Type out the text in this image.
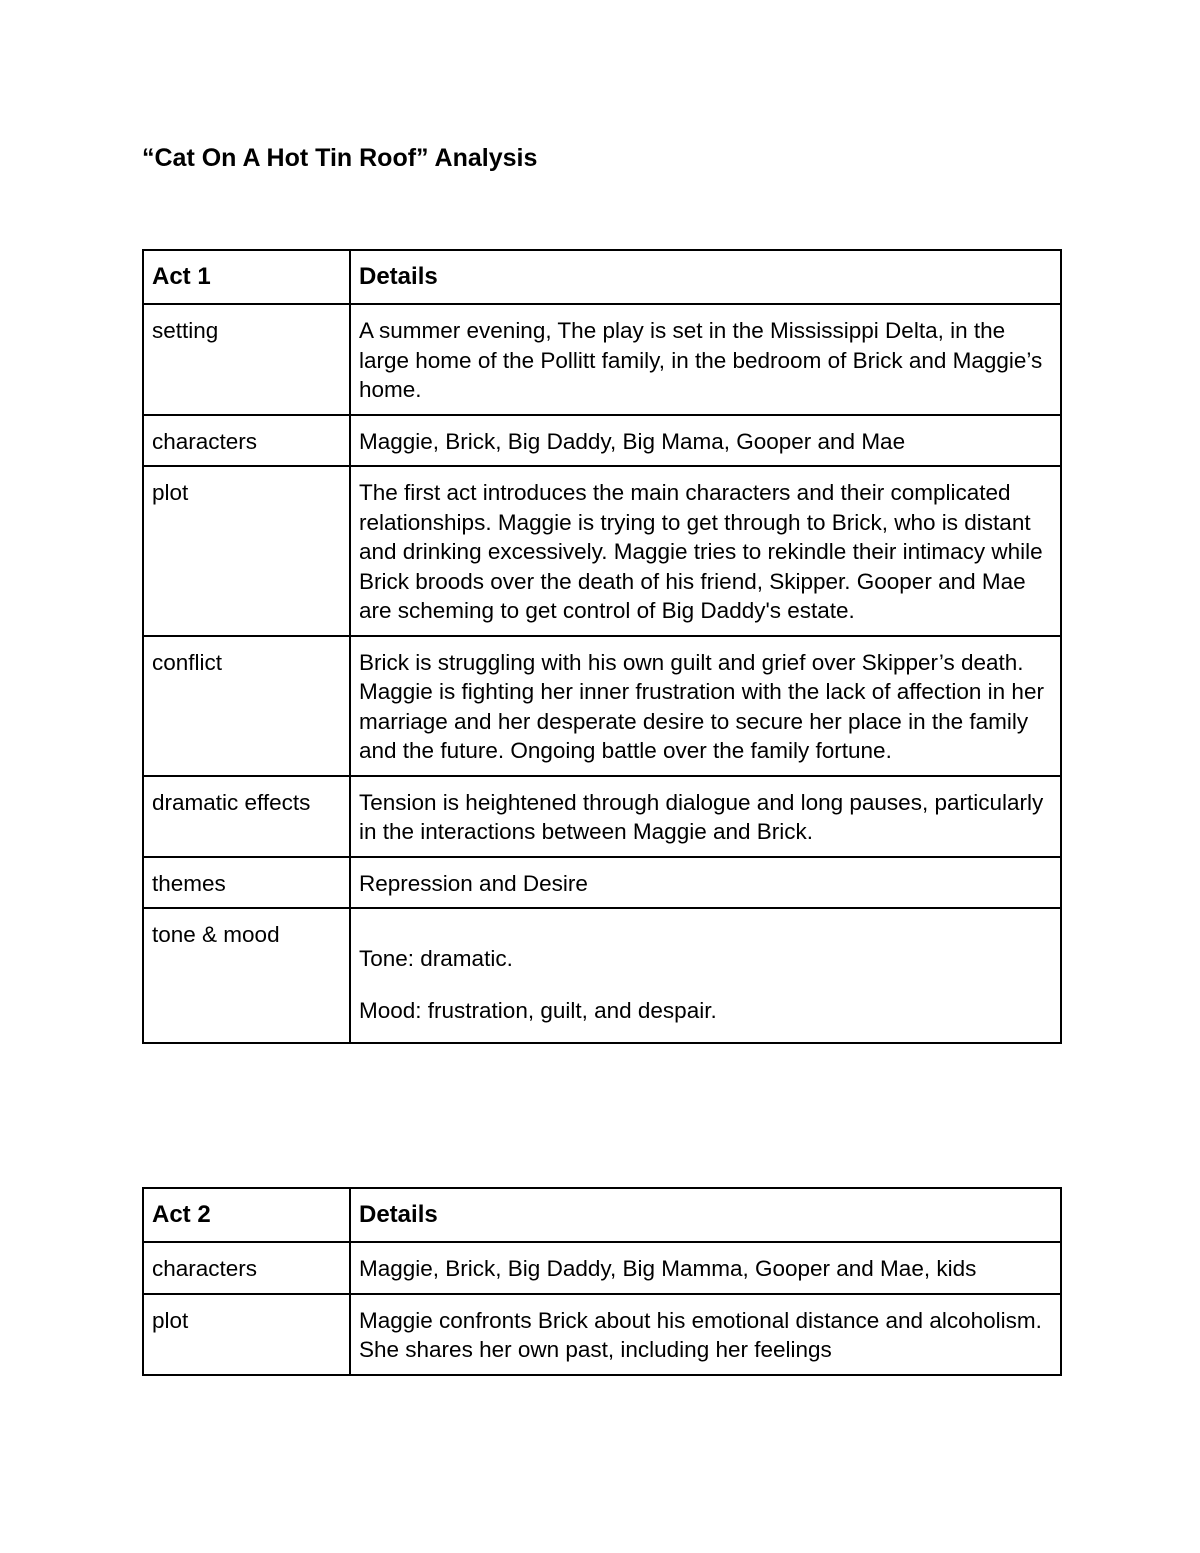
“Cat On A Hot Tin Roof” Analysis
Act 1	Details
setting	A summer evening, The play is set in the Mississippi Delta, in the large home of the Pollitt family, in the bedroom of Brick and Maggie’s home.
characters	Maggie, Brick, Big Daddy, Big Mama, Gooper and Mae
plot	The first act introduces the main characters and their complicated relationships. Maggie is trying to get through to Brick, who is distant and drinking excessively. Maggie tries to rekindle their intimacy while Brick broods over the death of his friend, Skipper. Gooper and Mae are scheming to get control of Big Daddy's estate.
conflict	Brick is struggling with his own guilt and grief over Skipper’s death. Maggie is fighting her inner frustration with the lack of affection in her marriage and her desperate desire to secure her place in the family and the future. Ongoing battle over the family fortune.
dramatic effects	Tension is heightened through dialogue and long pauses, particularly in the interactions between Maggie and Brick.
themes	Repression and Desire
tone & mood	Tone: dramatic.

Mood: frustration, guilt, and despair.

Act 2	Details
characters	Maggie, Brick, Big Daddy, Big Mamma, Gooper and Mae, kids
plot	Maggie confronts Brick about his emotional distance and alcoholism. She shares her own past, including her feelings
